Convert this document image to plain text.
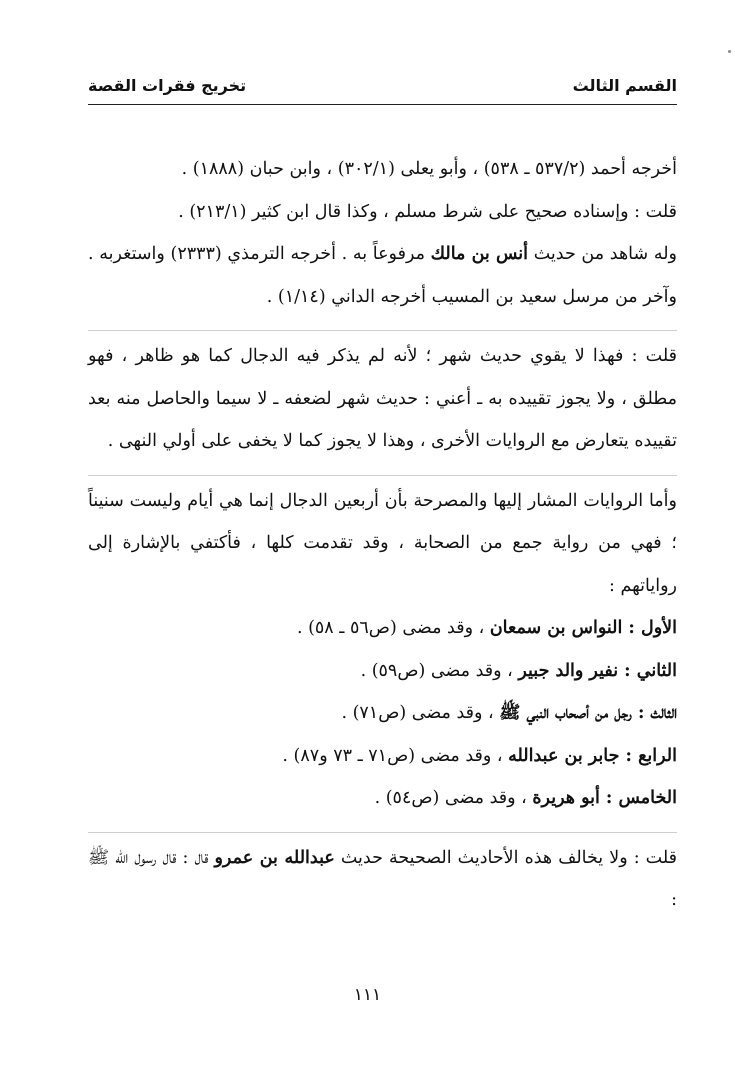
القسم الثالث
تخريج فقرات القصة

أخرجه أحمد (٥٣٧/٢ ـ ٥٣٨) ، وأبو يعلى (٣٠٢/١) ، وابن حبان (١٨٨٨) .

قلت : وإسناده صحيح على شرط مسلم ، وكذا قال ابن كثير (٢١٣/١) .

وله شاهد من حديث أنس بن مالك مرفوعاً به . أخرجه الترمذي (٢٣٣٣) واستغربه . وآخر من مرسل سعيد بن المسيب أخرجه الداني (١/١٤) .

قلت : فهذا لا يقوي حديث شهر ؛ لأنه لم يذكر فيه الدجال كما هو ظاهر ، فهو مطلق ، ولا يجوز تقييده به ـ أعني : حديث شهر لضعفه ـ لا سيما والحاصل منه بعد تقييده يتعارض مع الروايات الأخرى ، وهذا لا يجوز كما لا يخفى على أولي النهى .

وأما الروايات المشار إليها والمصرحة بأن أربعين الدجال إنما هي أيام وليست سنيناً ؛ فهي من رواية جمع من الصحابة ، وقد تقدمت كلها ، فأكتفي بالإشارة إلى رواياتهم :

الأول : النواس بن سمعان ، وقد مضى (ص٥٦ ـ ٥٨) .

الثاني : نفير والد جبير ، وقد مضى (ص٥٩) .

الثالث : رجل من أصحاب النبي ﷺ ، وقد مضى (ص٧١) .

الرابع : جابر بن عبدالله ، وقد مضى (ص٧١ ـ ٧٣ و٨٧) .

الخامس : أبو هريرة ، وقد مضى (ص٥٤) .

قلت : ولا يخالف هذه الأحاديث الصحيحة حديث عبدالله بن عمرو قال : قال رسول الله ﷺ :

١١١
